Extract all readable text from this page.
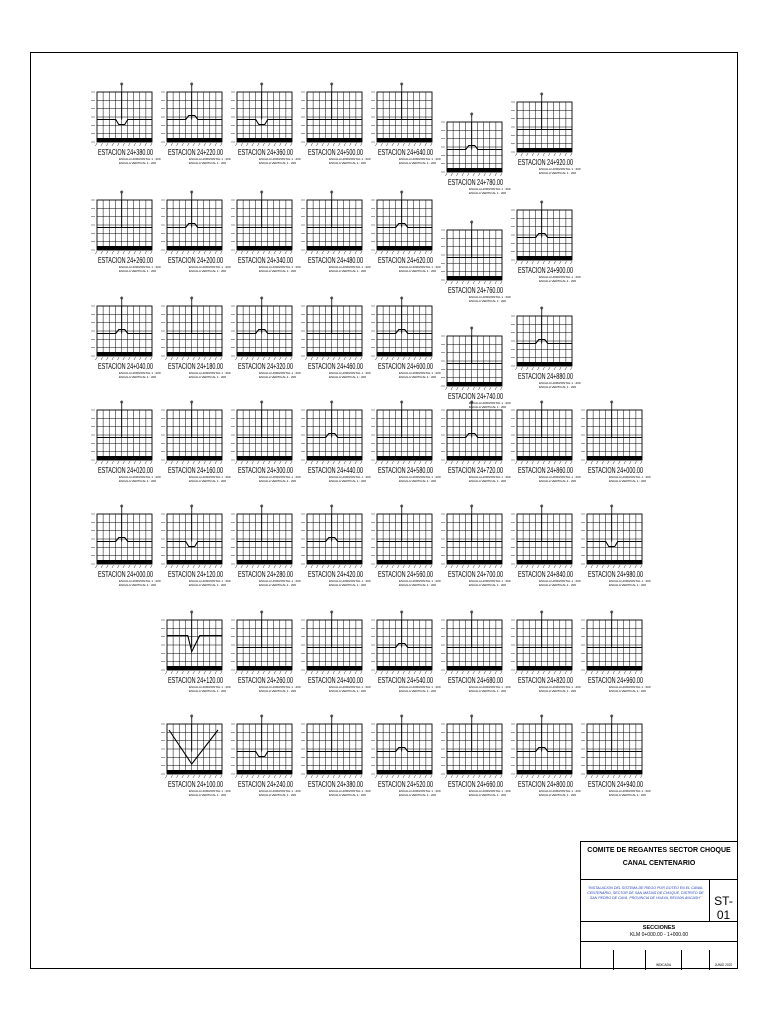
ESTACION 24+380.00
ESCALA HORIZONTAL 1 : 200
ESCALA VERTICAL 1 : 200
ESTACION 24+220.00
ESCALA HORIZONTAL 1 : 200
ESCALA VERTICAL 1 : 200
ESTACION 24+360.00
ESCALA HORIZONTAL 1 : 200
ESCALA VERTICAL 1 : 200
ESTACION 24+500.00
ESCALA HORIZONTAL 1 : 200
ESCALA VERTICAL 1 : 200
ESTACION 24+640.00
ESCALA HORIZONTAL 1 : 200
ESCALA VERTICAL 1 : 200
ESTACION 24+780.00
ESCALA HORIZONTAL 1 : 200
ESCALA VERTICAL 1 : 200
ESTACION 24+920.00
ESCALA HORIZONTAL 1 : 200
ESCALA VERTICAL 1 : 200
ESTACION 24+260.00
ESCALA HORIZONTAL 1 : 200
ESCALA VERTICAL 1 : 200
ESTACION 24+200.00
ESCALA HORIZONTAL 1 : 200
ESCALA VERTICAL 1 : 200
ESTACION 24+340.00
ESCALA HORIZONTAL 1 : 200
ESCALA VERTICAL 1 : 200
ESTACION 24+480.00
ESCALA HORIZONTAL 1 : 200
ESCALA VERTICAL 1 : 200
ESTACION 24+620.00
ESCALA HORIZONTAL 1 : 200
ESCALA VERTICAL 1 : 200
ESTACION 24+760.00
ESCALA HORIZONTAL 1 : 200
ESCALA VERTICAL 1 : 200
ESTACION 24+900.00
ESCALA HORIZONTAL 1 : 200
ESCALA VERTICAL 1 : 200
ESTACION 24+040.00
ESCALA HORIZONTAL 1 : 200
ESCALA VERTICAL 1 : 200
ESTACION 24+180.00
ESCALA HORIZONTAL 1 : 200
ESCALA VERTICAL 1 : 200
ESTACION 24+320.00
ESCALA HORIZONTAL 1 : 200
ESCALA VERTICAL 1 : 200
ESTACION 24+460.00
ESCALA HORIZONTAL 1 : 200
ESCALA VERTICAL 1 : 200
ESTACION 24+600.00
ESCALA HORIZONTAL 1 : 200
ESCALA VERTICAL 1 : 200
ESTACION 24+740.00
ESCALA HORIZONTAL 1 : 200
ESCALA VERTICAL 1 : 200
ESTACION 24+880.00
ESCALA HORIZONTAL 1 : 200
ESCALA VERTICAL 1 : 200
ESTACION 24+020.00
ESCALA HORIZONTAL 1 : 200
ESCALA VERTICAL 1 : 200
ESTACION 24+160.00
ESCALA HORIZONTAL 1 : 200
ESCALA VERTICAL 1 : 200
ESTACION 24+300.00
ESCALA HORIZONTAL 1 : 200
ESCALA VERTICAL 1 : 200
ESTACION 24+440.00
ESCALA HORIZONTAL 1 : 200
ESCALA VERTICAL 1 : 200
ESTACION 24+580.00
ESCALA HORIZONTAL 1 : 200
ESCALA VERTICAL 1 : 200
ESTACION 24+720.00
ESCALA HORIZONTAL 1 : 200
ESCALA VERTICAL 1 : 200
ESTACION 24+860.00
ESCALA HORIZONTAL 1 : 200
ESCALA VERTICAL 1 : 200
ESTACION 24+000.00
ESCALA HORIZONTAL 1 : 200
ESCALA VERTICAL 1 : 200
ESTACION 24+000.00
ESCALA HORIZONTAL 1 : 200
ESCALA VERTICAL 1 : 200
ESTACION 24+120.00
ESCALA HORIZONTAL 1 : 200
ESCALA VERTICAL 1 : 200
ESTACION 24+280.00
ESCALA HORIZONTAL 1 : 200
ESCALA VERTICAL 1 : 200
ESTACION 24+420.00
ESCALA HORIZONTAL 1 : 200
ESCALA VERTICAL 1 : 200
ESTACION 24+560.00
ESCALA HORIZONTAL 1 : 200
ESCALA VERTICAL 1 : 200
ESTACION 24+700.00
ESCALA HORIZONTAL 1 : 200
ESCALA VERTICAL 1 : 200
ESTACION 24+840.00
ESCALA HORIZONTAL 1 : 200
ESCALA VERTICAL 1 : 200
ESTACION 24+980.00
ESCALA HORIZONTAL 1 : 200
ESCALA VERTICAL 1 : 200
ESTACION 24+120.00
ESCALA HORIZONTAL 1 : 200
ESCALA VERTICAL 1 : 200
ESTACION 24+260.00
ESCALA HORIZONTAL 1 : 200
ESCALA VERTICAL 1 : 200
ESTACION 24+400.00
ESCALA HORIZONTAL 1 : 200
ESCALA VERTICAL 1 : 200
ESTACION 24+540.00
ESCALA HORIZONTAL 1 : 200
ESCALA VERTICAL 1 : 200
ESTACION 24+680.00
ESCALA HORIZONTAL 1 : 200
ESCALA VERTICAL 1 : 200
ESTACION 24+820.00
ESCALA HORIZONTAL 1 : 200
ESCALA VERTICAL 1 : 200
ESTACION 24+960.00
ESCALA HORIZONTAL 1 : 200
ESCALA VERTICAL 1 : 200
ESTACION 24+100.00
ESCALA HORIZONTAL 1 : 200
ESCALA VERTICAL 1 : 200
ESTACION 24+240.00
ESCALA HORIZONTAL 1 : 200
ESCALA VERTICAL 1 : 200
ESTACION 24+380.00
ESCALA HORIZONTAL 1 : 200
ESCALA VERTICAL 1 : 200
ESTACION 24+520.00
ESCALA HORIZONTAL 1 : 200
ESCALA VERTICAL 1 : 200
ESTACION 24+660.00
ESCALA HORIZONTAL 1 : 200
ESCALA VERTICAL 1 : 200
ESTACION 24+800.00
ESCALA HORIZONTAL 1 : 200
ESCALA VERTICAL 1 : 200
ESTACION 24+940.00
ESCALA HORIZONTAL 1 : 200
ESCALA VERTICAL 1 : 200
COMITE DE REGANTES SECTOR CHOQUE
CANAL CENTENARIO
"INSTALACION DEL SISTEMA DE RIEGO POR GOTEO EN EL CANAL CENTENARIO, SECTOR DE SAN MATIAS DE CHOQUE, DISTRITO DE SAN PEDRO DE CAYA, PROVINCIA DE HUAYA, REGION ANCASH"	ST-01
SECCIONES
KLM 0+000.00 - 1+000.00
INDICADA	JUNIO 2022
